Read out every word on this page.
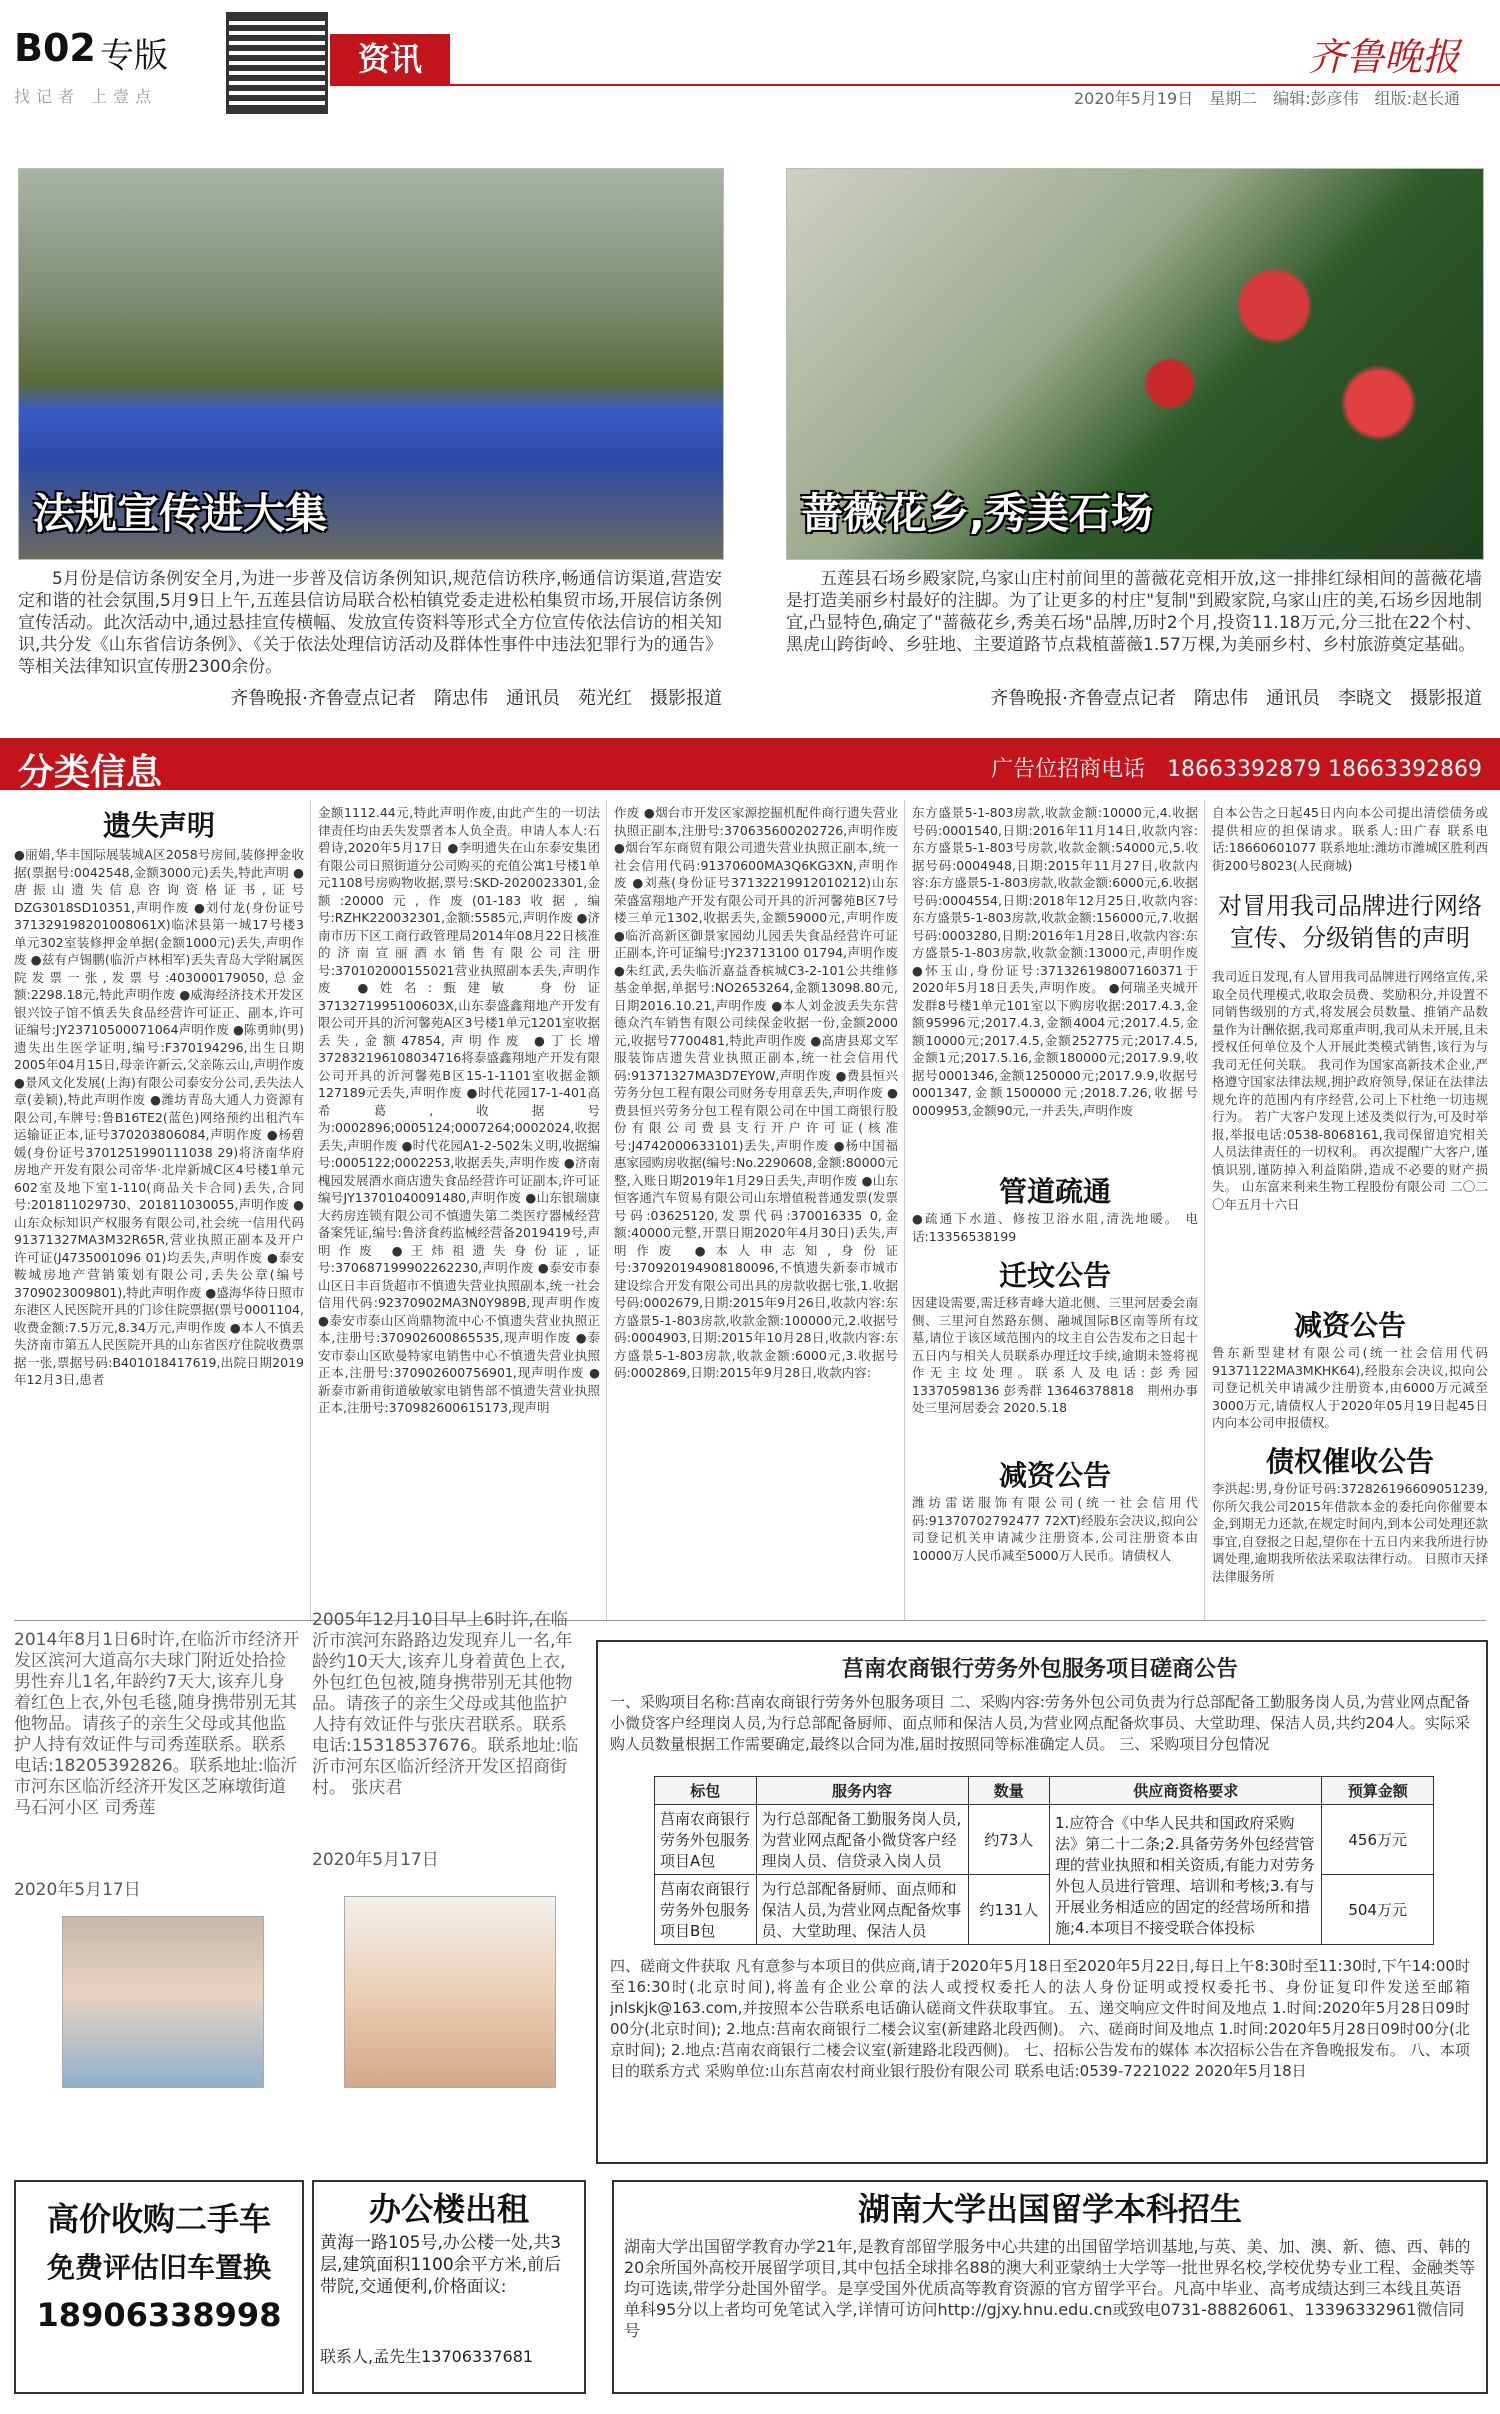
B02 专版
找记者 上壹点
资讯	齐鲁晚报
2020年5月19日　星期二　编辑:彭彦伟　组版:赵长通
法规宣传进大集	蔷薇花乡,秀美石场
5月份是信访条例安全月,为进一步普及信访条例知识,规范信访秩序,畅通信访渠道,营造安定和谐的社会氛围,5月9日上午,五莲县信访局联合松柏镇党委走进松柏集贸市场,开展信访条例宣传活动。此次活动中,通过悬挂宣传横幅、发放宣传资料等形式全方位宣传依法信访的相关知识,共分发《山东省信访条例》、《关于依法处理信访活动及群体性事件中违法犯罪行为的通告》等相关法律知识宣传册2300余份。
齐鲁晚报·齐鲁壹点记者　隋忠伟　通讯员　苑光红　摄影报道
五莲县石场乡殿家院,乌家山庄村前间里的蔷薇花竞相开放,这一排排红绿相间的蔷薇花墙是打造美丽乡村最好的注脚。为了让更多的村庄"复制"到殿家院,乌家山庄的美,石场乡因地制宜,凸显特色,确定了"蔷薇花乡,秀美石场"品牌,历时2个月,投资11.18万元,分三批在22个村、黑虎山跨街岭、乡驻地、主要道路节点栽植蔷薇1.57万棵,为美丽乡村、乡村旅游奠定基础。
齐鲁晚报·齐鲁壹点记者　隋忠伟　通讯员　李晓文　摄影报道
分类信息	广告位招商电话　18663392879 18663392869
遗失声明
●丽娟,华丰国际展装城A区2058号房间,装修押金收据(票据号:0042548,金额3000元)丢失,特此声明 ●唐振山遗失信息咨询资格证书,证号DZG3018SD10351,声明作废 ●刘付龙(身份证号371329198201008061X)临沭县第一城17号楼3单元302室装修押金单据(金额1000元)丢失,声明作废 ●兹有卢锡鹏(临沂卢林相军)丢失青岛大学附属医院发票一张,发票号:403000179050,总金额:2298.18元,特此声明作废 ●威海经济技术开发区银兴饺子馆不慎丢失食品经营许可证正、副本,许可证编号:JY23710500071064声明作废 ●陈勇帅(男)遗失出生医学证明,编号:F370194296,出生日期2005年04月15日,母亲许新云,父亲陈云山,声明作废 ●景风文化发展(上海)有限公司泰安分公司,丢失法人章(姜颖),特此声明作废 ●潍坊青岛大通人力资源有限公司,车牌号:鲁B16TE2(蓝色)网络预约出租汽车运输证正本,证号370203806084,声明作废 ●杨碧媛(身份证号3701251990111038 29)将济南华府房地产开发有限公司帝华·北岸新城C区4号楼1单元602室及地下室1-110(商品关卡合同)丢失,合同号:201811029730、201811030055,声明作废 ●山东众标知识产权服务有限公司,社会统一信用代码91371327MA3M32R65R,营业执照正副本及开户许可证(J4735001096 01)均丢失,声明作废 ●泰安鞍城房地产营销策划有限公司,丢失公章(编号3709023009801),特此声明作废 ●盛海华待日照市东港区人民医院开具的门诊住院票据(票号0001104,收费金额:7.5万元,8.34万元,声明作废 ●本人不慎丢失济南市第五人民医院开具的山东省医疗住院收费票据一张,票据号码:B401018417619,出院日期2019年12月3日,患者
金额1112.44元,特此声明作废,由此产生的一切法律责任均由丢失发票者本人负全责。申请人本人:石碧诗,2020年5月17日 ●李明遗失在山东泰安集团有限公司日照街道分公司购买的充值公寓1号楼1单元1108号房购物收据,票号:SKD-2020023301,金额:20000元,作废(01-183收据,编号:RZHK220032301,金额:5585元,声明作废 ●济南市历下区工商行政管理局2014年08月22日核准的济南宣丽酒水销售有限公司注册号:370102000155021营业执照副本丢失,声明作废 ●姓名:甄建敏　身份证3713271995100603X,山东泰盛鑫翔地产开发有限公司开具的沂河馨苑A区3号楼1单元1201室收据丢失,金额47854,声明作废 ●丁长增372832196108034716将泰盛鑫翔地产开发有限公司开具的沂河馨苑B区15-1-1101室收据金额127189元丢失,声明作废 ●时代花园17-1-401高希葛,收据号为:0002896;0005124;0007264;0002024,收据丢失,声明作废 ●时代花园A1-2-502朱义明,收据编号:0005122;0002253,收据丢失,声明作废 ●济南槐园发展酒水商店遗失食品经营许可证副本,许可证编号JY13701040091480,声明作废 ●山东银瑞康大药房连锁有限公司不慎遗失第二类医疗器械经营备案凭证,编号:鲁济食药监械经营备2019419号,声明作废 ●王炜祖遗失身份证,证号:370687199902262230,声明作废 ●泰安市泰山区日丰百货超市不慎遗失营业执照副本,统一社会信用代码:92370902MA3N0Y989B,现声明作废 ●泰安市泰山区尚鼎物流中心不慎遗失营业执照正本,注册号:370902600865535,现声明作废 ●泰安市泰山区欧曼特家电销售中心不慎遗失营业执照正本,注册号:370902600756901,现声明作废 ●新泰市新甫街道敏敏家电销售部不慎遗失营业执照正本,注册号:370982600615173,现声明
作废 ●烟台市开发区家源挖掘机配件商行遗失营业执照正副本,注册号:370635600202726,声明作废 ●烟台军东商贸有限公司遗失营业执照正副本,统一社会信用代码:91370600MA3Q6KG3XN,声明作废 ●刘燕(身份证号37132219912010212)山东荣盛富翔地产开发有限公司开具的沂河馨苑B区7号楼三单元1302,收据丢失,金额59000元,声明作废 ●临沂高新区御景家园幼儿园丢失食品经营许可证正副本,许可证编号:JY23713100 01794,声明作废 ●朱红武,丢失临沂嘉益香槟城C3-2-101公共维修基金单据,单据号:NO2653264,金额13098.80元,日期2016.10.21,声明作废 ●本人刘金波丢失东营德众汽车销售有限公司续保金收据一份,金额2000元,收据号7700481,特此声明作废 ●高唐县郑文军服装饰店遗失营业执照正副本,统一社会信用代码:91371327MA3D7EY0W,声明作废 ●费县恒兴劳务分包工程有限公司财务专用章丢失,声明作废 ●费县恒兴劳务分包工程有限公司在中国工商银行股份有限公司费县支行开户许可证(核准号:J4742000633101)丢失,声明作废 ●杨中国福惠家园购房收据(编号:No.2290608,金额:80000元整,入账日期2019年1月29日丢失,声明作废 ●山东恒客通汽车贸易有限公司山东增值税普通发票(发票号码:03625120,发票代码:370016335 0,金额:40000元整,开票日期2020年4月30日)丢失,声明作废 ●本人申志知,身份证号:370920194908180096,不慎遗失新泰市城市建设综合开发有限公司出具的房款收据七张,1.收据号码:0002679,日期:2015年9月26日,收款内容:东方盛景5-1-803房款,收款金额:100000元,2.收据号码:0004903,日期:2015年10月28日,收款内容:东方盛景5-1-803房款,收款金额:6000元,3.收据号码:0002869,日期:2015年9月28日,收款内容:
东方盛景5-1-803房款,收款金额:10000元,4.收据号码:0001540,日期:2016年11月14日,收款内容:东方盛景5-1-803号房款,收款金额:54000元,5.收据号码:0004948,日期:2015年11月27日,收款内容:东方盛景5-1-803房款,收款金额:6000元,6.收据号码:0004554,日期:2018年12月25日,收款内容:东方盛景5-1-803房款,收款金额:156000元,7.收据号码:0003280,日期:2016年1月28日,收款内容:东方盛景5-1-803房款,收款金额:13000元,声明作废 ●怀玉山,身份证号:371326198007160371于2020年5月18日丢失,声明作废。 ●何瑞圣夹城开发群8号楼1单元101室以下购房收据:2017.4.3,金额95996元;2017.4.3,金额4004元;2017.4.5,金额10000元;2017.4.5,金额252775元;2017.4.5,金额1元;2017.5.16,金额180000元;2017.9.9,收据号0001346,金额1250000元;2017.9.9,收据号0001347,金额1500000元;2018.7.26,收据号0009953,金额90元,一并丢失,声明作废
管道疏通
●疏通下水道、修按卫浴水阻,清洗地暖。 电话:13356538199
迁坟公告
因建设需要,需迁移青峰大道北侧、三里河居委会南侧、三里河自然路东侧、融城国际B区南等所有坟墓,请位于该区域范围内的坟主自公告发布之日起十五日内与相关人员联系办理迁坟手续,逾期未签将视作无主坟处理。联系人及电话:彭秀园 13370598136 彭秀群 13646378818　荆州办事处三里河居委会 2020.5.18
减资公告
潍坊雷诺服饰有限公司(统一社会信用代码:91370702792477 72XT)经股东会决议,拟向公司登记机关申请减少注册资本,公司注册资本由10000万人民币减至5000万人民币。请债权人
自本公告之日起45日内向本公司提出清偿债务或提供相应的担保请求。联系人:田广春 联系电话:18660601077 联系地址:潍坊市潍城区胜利西街200号8023(人民商城)
对冒用我司品牌进行网络宣传、分级销售的声明
我司近日发现,有人冒用我司品牌进行网络宣传,采取全员代理模式,收取会员费、奖励积分,并设置不同销售级别的方式,将发展会员数量、推销产品数量作为计酬依据,我司郑重声明,我司从未开展,且未授权任何单位及个人开展此类模式销售,该行为与我司无任何关联。 我司作为国家高新技术企业,严格遵守国家法律法规,拥护政府领导,保证在法律法规允许的范围内有序经营,公司上下杜绝一切违规行为。 若广大客户发现上述及类似行为,可及时举报,举报电话:0538-8068161,我司保留追究相关人员法律责任的一切权利。 再次提醒广大客户,谨慎识别,谨防掉入利益陷阱,造成不必要的财产损失。 山东富来利来生物工程股份有限公司 二〇二〇年五月十六日
减资公告
鲁东新型建材有限公司(统一社会信用代码91371122MA3MKHK64),经股东会决议,拟向公司登记机关申请减少注册资本,由6000万元减至3000万元,请债权人于2020年05月19日起45日内向本公司申报债权。
债权催收公告
李洪起:男,身份证号码:372826196609051239,你所欠我公司2015年借款本金的委托向你催要本金,到期无力还款,在规定时间内,到本公司处理还款事宜,自登报之日起,望你在十五日内来我所进行协调处理,逾期我所依法采取法律行动。 日照市天择法律服务所
2014年8月1日6时许,在临沂市经济开发区滨河大道高尔夫球门附近处拾捡男性弃儿1名,年龄约7天大,该弃儿身着红色上衣,外包毛毯,随身携带别无其他物品。请孩子的亲生父母或其他监护人持有效证件与司秀莲联系。联系电话:18205392826。联系地址:临沂市河东区临沂经济开发区芝麻墩街道马石河小区 司秀莲
2020年5月17日
2005年12月10日早上6时许,在临沂市滨河东路路边发现弃儿一名,年龄约10天大,该弃儿身着黄色上衣,外包红色包被,随身携带别无其他物品。请孩子的亲生父母或其他监护人持有效证件与张庆君联系。联系电话:15318537676。联系地址:临沂市河东区临沂经济开发区招商街村。 张庆君
2020年5月17日
莒南农商银行劳务外包服务项目磋商公告
一、采购项目名称:莒南农商银行劳务外包服务项目 二、采购内容:劳务外包公司负责为行总部配备工勤服务岗人员,为营业网点配备小微贷客户经理岗人员,为行总部配备厨师、面点师和保洁人员,为营业网点配备炊事员、大堂助理、保洁人员,共约204人。实际采购人员数量根据工作需要确定,最终以合同为准,届时按照同等标准确定人员。 三、采购项目分包情况
标包	服务内容	数量	供应商资格要求	预算金额
莒南农商银行劳务外包服务项目A包	为行总部配备工勤服务岗人员,为营业网点配备小微贷客户经理岗人员、信贷录入岗人员	约73人	1.应符合《中华人民共和国政府采购法》第二十二条;2.具备劳务外包经营管理的营业执照和相关资质,有能力对劳务外包人员进行管理、培训和考核;3.有与开展业务相适应的固定的经营场所和措施;4.本项目不接受联合体投标	456万元
莒南农商银行劳务外包服务项目B包	为行总部配备厨师、面点师和保洁人员,为营业网点配备炊事员、大堂助理、保洁人员	约131人		504万元
四、磋商文件获取 凡有意参与本项目的供应商,请于2020年5月18日至2020年5月22日,每日上午8:30时至11:30时,下午14:00时至16:30时(北京时间),将盖有企业公章的法人或授权委托人的法人身份证明或授权委托书、身份证复印件发送至邮箱jnlskjk@163.com,并按照本公告联系电话确认磋商文件获取事宜。 五、递交响应文件时间及地点 1.时间:2020年5月28日09时00分(北京时间); 2.地点:莒南农商银行二楼会议室(新建路北段西侧)。 六、磋商时间及地点 1.时间:2020年5月28日09时00分(北京时间); 2.地点:莒南农商银行二楼会议室(新建路北段西侧)。 七、招标公告发布的媒体 本次招标公告在齐鲁晚报发布。 八、本项目的联系方式 采购单位:山东莒南农村商业银行股份有限公司 联系电话:0539-7221022 2020年5月18日
高价收购二手车
免费评估旧车置换
18906338998
办公楼出租
黄海一路105号,办公楼一处,共3层,建筑面积1100余平方米,前后带院,交通便利,价格面议:
联系人,孟先生13706337681
湖南大学出国留学本科招生
湖南大学出国留学教育办学21年,是教育部留学服务中心共建的出国留学培训基地,与英、美、加、澳、新、德、西、韩的20余所国外高校开展留学项目,其中包括全球排名88的澳大利亚蒙纳士大学等一批世界名校,学校优势专业工程、金融类等均可选读,带学分赴国外留学。是享受国外优质高等教育资源的官方留学平台。凡高中毕业、高考成绩达到三本线且英语单科95分以上者均可免笔试入学,详情可访问http://gjxy.hnu.edu.cn或致电0731-88826061、13396332961微信同号
